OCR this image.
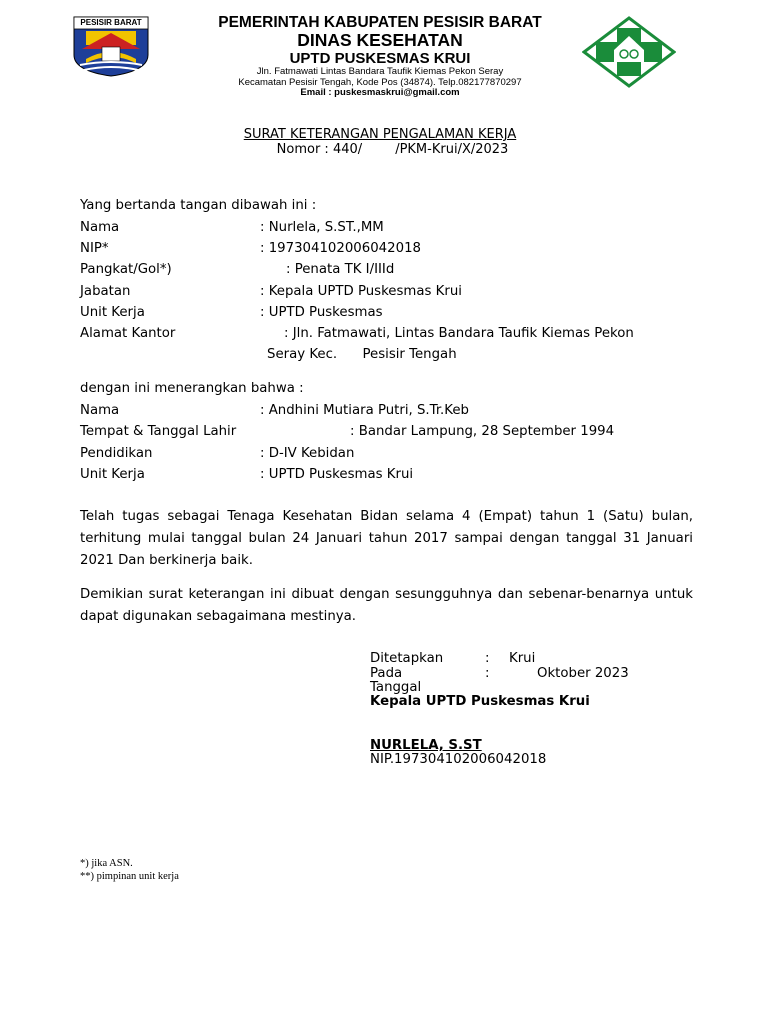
PESISIR BARAT	PEMERINTAH KABUPATEN PESISIR BARAT
DINAS KESEHATAN
UPTD PUSKESMAS KRUI
Jln. Fatmawati Lintas Bandara Taufik Kiemas Pekon Seray
Kecamatan Pesisir Tengah, Kode Pos (34874). Telp.082177870297
Email : puskesmaskrui@gmail.com
SURAT KETERANGAN PENGALAMAN KERJA
Nomor : 440/        /PKM-Krui/X/2023
Yang bertanda tangan dibawah ini :
Nama	: Nurlela, S.ST.,MM
NIP*	: 197304102006042018
Pangkat/Gol*)	: Penata TK I/IIId
Jabatan	: Kepala UPTD Puskesmas Krui
Unit Kerja	: UPTD Puskesmas
Alamat Kantor	: Jln. Fatmawati, Lintas Bandara Taufik Kiemas Pekon
Seray Kec.      Pesisir Tengah
dengan ini menerangkan bahwa :
Nama	: Andhini Mutiara Putri, S.Tr.Keb
Tempat & Tanggal Lahir	: Bandar Lampung, 28 September 1994
Pendidikan	: D-IV Kebidan
Unit Kerja	: UPTD Puskesmas Krui
Telah tugas sebagai Tenaga Kesehatan Bidan selama 4 (Empat) tahun 1 (Satu) bulan, terhitung mulai tanggal bulan 24 Januari tahun 2017 sampai dengan tanggal 31 Januari 2021 Dan berkinerja baik.
Demikian surat keterangan ini dibuat dengan sesungguhnya dan sebenar-benarnya untuk dapat digunakan sebagaimana mestinya.
Ditetapkan	: Krui
Pada	:	Oktober 2023
Tanggal
Kepala UPTD Puskesmas Krui
NURLELA, S.ST
NIP.197304102006042018
*) jika ASN.
**) pimpinan unit kerja
